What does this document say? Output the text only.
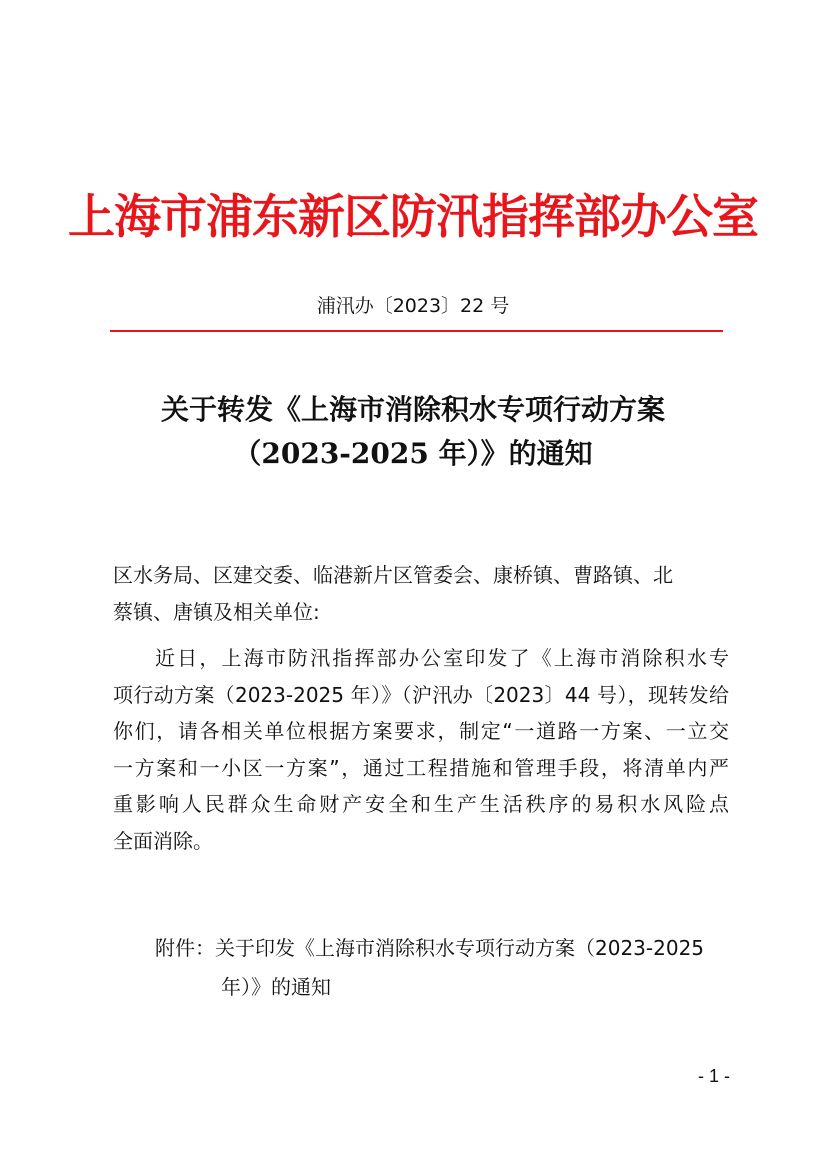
上海市浦东新区防汛指挥部办公室
浦汛办〔2023〕22 号
关于转发《上海市消除积水专项行动方案
（2023-2025 年）》的通知
区水务局、区建交委、临港新片区管委会、康桥镇、曹路镇、北
蔡镇、唐镇及相关单位:
近日，上海市防汛指挥部办公室印发了《上海市消除积水专
项行动方案（2023-2025 年）》（沪汛办〔2023〕44 号），现转发给
你们，请各相关单位根据方案要求，制定“一道路一方案、一立交
一方案和一小区一方案”，通过工程措施和管理手段，将清单内严
重影响人民群众生命财产安全和生产生活秩序的易积水风险点
全面消除。
附件：关于印发《上海市消除积水专项行动方案（2023-2025
年）》的通知
- 1 -
